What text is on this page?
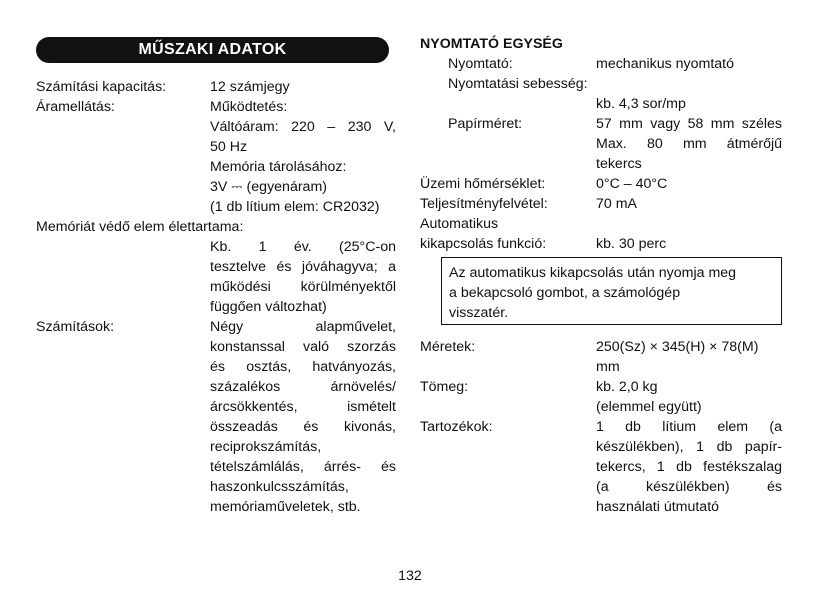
MŰSZAKI ADATOK
Számítási kapacitás:	12 számjegy
Áramellátás:	Működtetés:
Váltóáram: 220 – 230 V,
50 Hz
Memória tárolásához:
3V ⎓ (egyenáram)
(1 db lítium elem: CR2032)
Memóriát védő elem élettartama:
Kb. 1 év. (25°C-on
tesztelve és jóváhagyva; a
működési körülményektől
függően változhat)
Számítások:	Négy alapművelet,
konstanssal való szorzás
és osztás, hatványozás,
százalékos árnövelés/
árcsökkentés, ismételt
összeadás és kivonás,
reciprokszámítás,
tételszámlálás, árrés- és
haszonkulcsszámítás,
memóriaműveletek, stb.
NYOMTATÓ EGYSÉG
Nyomtató:	mechanikus nyomtató
Nyomtatási sebesség:
kb. 4,3 sor/mp
Papírméret:	57 mm vagy 58 mm széles
Max. 80 mm átmérőjű
tekercs
Üzemi hőmérséklet:	0°C – 40°C
Teljesítményfelvétel:	70 mA
Automatikus
kikapcsolás funkció:	kb. 30 perc
Az automatikus kikapcsolás után nyomja meg
a bekapcsoló gombot, a számológép
visszatér.
Méretek:	250(Sz) × 345(H) × 78(M)
mm
Tömeg:	kb. 2,0 kg
(elemmel együtt)
Tartozékok:	1 db lítium elem (a
készülékben), 1 db papír-
tekercs, 1 db festékszalag
(a készülékben) és
használati útmutató
132
